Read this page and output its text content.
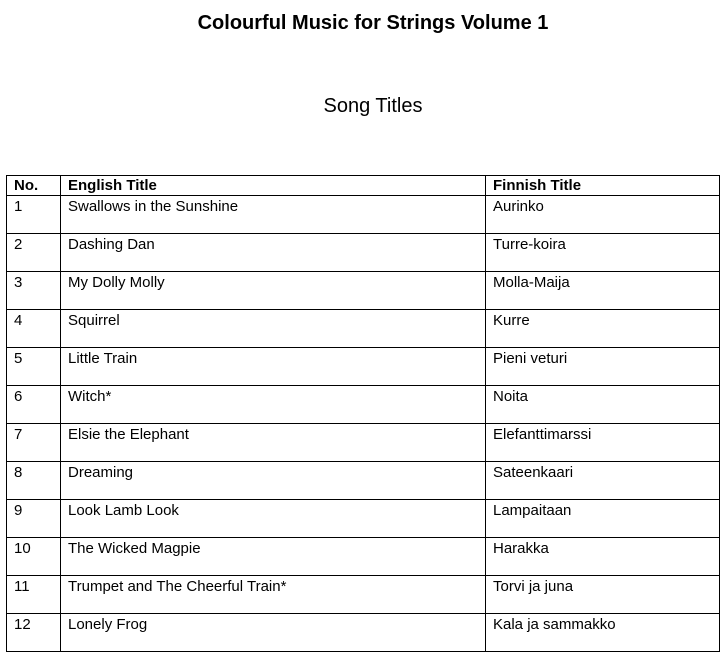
Colourful Music for Strings Volume 1
Song Titles
No.	English Title	Finnish Title
1	Swallows in the Sunshine	Aurinko
2	Dashing Dan	Turre-koira
3	My Dolly Molly	Molla-Maija
4	Squirrel	Kurre
5	Little Train	Pieni veturi
6	Witch*	Noita
7	Elsie the Elephant	Elefanttimarssi
8	Dreaming	Sateenkaari
9	Look Lamb Look	Lampaitaan
10	The Wicked Magpie	Harakka
11	Trumpet and The Cheerful Train*	Torvi ja juna
12	Lonely Frog	Kala ja sammakko
